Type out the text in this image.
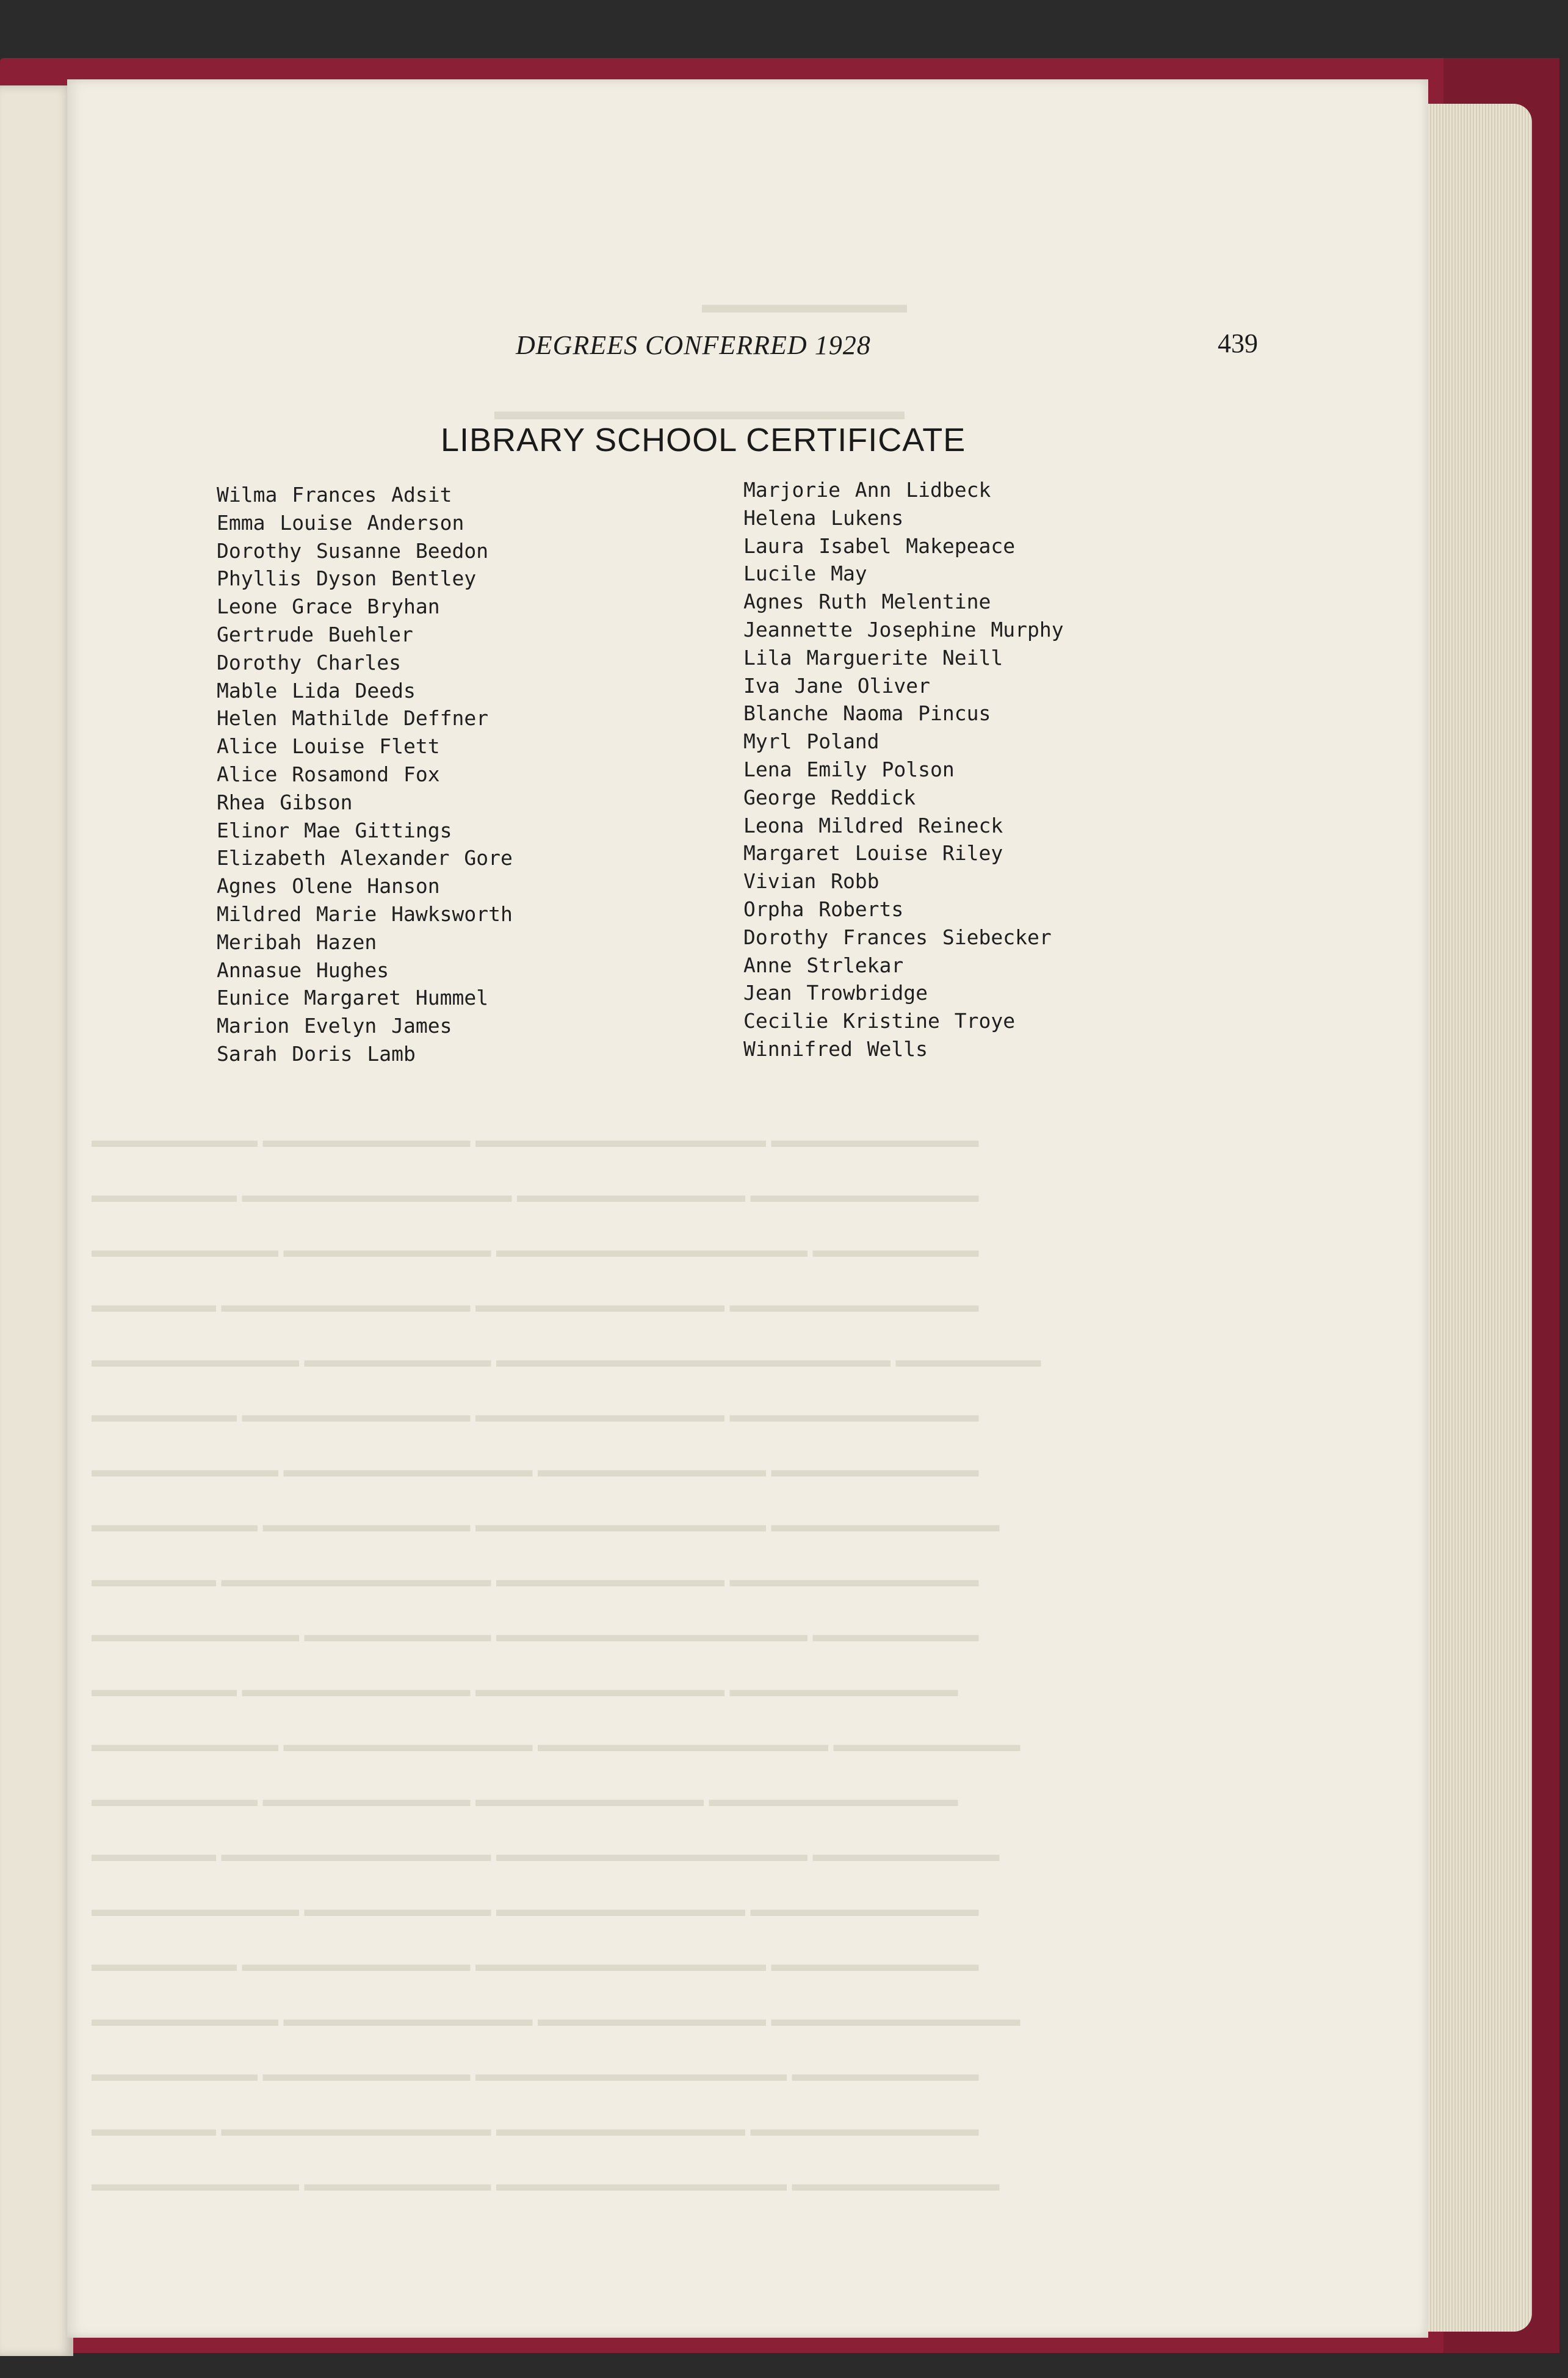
▬▬▬▬▬▬▬▬
▬▬▬▬▬▬▬▬▬▬▬▬▬▬▬▬
▬▬▬▬▬▬▬▬ ▬▬▬▬▬▬▬▬▬▬ ▬▬▬▬▬▬▬▬▬▬▬▬▬▬ ▬▬▬▬▬▬▬▬▬▬
▬▬▬▬▬▬▬ ▬▬▬▬▬▬▬▬▬▬▬▬▬ ▬▬▬▬▬▬▬▬▬▬▬ ▬▬▬▬▬▬▬▬▬▬▬
▬▬▬▬▬▬▬▬▬ ▬▬▬▬▬▬▬▬▬▬ ▬▬▬▬▬▬▬▬▬▬▬▬▬▬▬ ▬▬▬▬▬▬▬▬
▬▬▬▬▬▬ ▬▬▬▬▬▬▬▬▬▬▬▬ ▬▬▬▬▬▬▬▬▬▬▬▬ ▬▬▬▬▬▬▬▬▬▬▬▬
▬▬▬▬▬▬▬▬▬▬ ▬▬▬▬▬▬▬▬▬ ▬▬▬▬▬▬▬▬▬▬▬▬▬▬▬▬▬▬▬ ▬▬▬▬▬▬▬
▬▬▬▬▬▬▬ ▬▬▬▬▬▬▬▬▬▬▬ ▬▬▬▬▬▬▬▬▬▬▬▬ ▬▬▬▬▬▬▬▬▬▬▬▬
▬▬▬▬▬▬▬▬▬ ▬▬▬▬▬▬▬▬▬▬▬▬ ▬▬▬▬▬▬▬▬▬▬▬ ▬▬▬▬▬▬▬▬▬▬
▬▬▬▬▬▬▬▬ ▬▬▬▬▬▬▬▬▬▬ ▬▬▬▬▬▬▬▬▬▬▬▬▬▬ ▬▬▬▬▬▬▬▬▬▬▬
▬▬▬▬▬▬ ▬▬▬▬▬▬▬▬▬▬▬▬▬ ▬▬▬▬▬▬▬▬▬▬▬ ▬▬▬▬▬▬▬▬▬▬▬▬
▬▬▬▬▬▬▬▬▬▬ ▬▬▬▬▬▬▬▬▬ ▬▬▬▬▬▬▬▬▬▬▬▬▬▬▬ ▬▬▬▬▬▬▬▬
▬▬▬▬▬▬▬ ▬▬▬▬▬▬▬▬▬▬▬ ▬▬▬▬▬▬▬▬▬▬▬▬ ▬▬▬▬▬▬▬▬▬▬▬
▬▬▬▬▬▬▬▬▬ ▬▬▬▬▬▬▬▬▬▬▬▬ ▬▬▬▬▬▬▬▬▬▬▬▬▬▬ ▬▬▬▬▬▬▬▬▬
▬▬▬▬▬▬▬▬ ▬▬▬▬▬▬▬▬▬▬ ▬▬▬▬▬▬▬▬▬▬▬ ▬▬▬▬▬▬▬▬▬▬▬▬
▬▬▬▬▬▬ ▬▬▬▬▬▬▬▬▬▬▬▬▬ ▬▬▬▬▬▬▬▬▬▬▬▬▬▬▬ ▬▬▬▬▬▬▬▬▬
▬▬▬▬▬▬▬▬▬▬ ▬▬▬▬▬▬▬▬▬ ▬▬▬▬▬▬▬▬▬▬▬▬ ▬▬▬▬▬▬▬▬▬▬▬
▬▬▬▬▬▬▬ ▬▬▬▬▬▬▬▬▬▬▬ ▬▬▬▬▬▬▬▬▬▬▬▬▬▬ ▬▬▬▬▬▬▬▬▬▬
▬▬▬▬▬▬▬▬▬ ▬▬▬▬▬▬▬▬▬▬▬▬ ▬▬▬▬▬▬▬▬▬▬▬ ▬▬▬▬▬▬▬▬▬▬▬▬
▬▬▬▬▬▬▬▬ ▬▬▬▬▬▬▬▬▬▬ ▬▬▬▬▬▬▬▬▬▬▬▬▬▬▬ ▬▬▬▬▬▬▬▬▬
▬▬▬▬▬▬ ▬▬▬▬▬▬▬▬▬▬▬▬▬ ▬▬▬▬▬▬▬▬▬▬▬▬ ▬▬▬▬▬▬▬▬▬▬▬
▬▬▬▬▬▬▬▬▬▬ ▬▬▬▬▬▬▬▬▬ ▬▬▬▬▬▬▬▬▬▬▬▬▬▬ ▬▬▬▬▬▬▬▬▬▬
DEGREES CONFERRED 1928	439
LIBRARY SCHOOL CERTIFICATE
Wilma Frances Adsit
Emma Louise Anderson
Dorothy Susanne Beedon
Phyllis Dyson Bentley
Leone Grace Bryhan
Gertrude Buehler
Dorothy Charles
Mable Lida Deeds
Helen Mathilde Deffner
Alice Louise Flett
Alice Rosamond Fox
Rhea Gibson
Elinor Mae Gittings
Elizabeth Alexander Gore
Agnes Olene Hanson
Mildred Marie Hawksworth
Meribah Hazen
Annasue Hughes
Eunice Margaret Hummel
Marion Evelyn James
Sarah Doris Lamb
Marjorie Ann Lidbeck
Helena Lukens
Laura Isabel Makepeace
Lucile May
Agnes Ruth Melentine
Jeannette Josephine Murphy
Lila Marguerite Neill
Iva Jane Oliver
Blanche Naoma Pincus
Myrl Poland
Lena Emily Polson
George Reddick
Leona Mildred Reineck
Margaret Louise Riley
Vivian Robb
Orpha Roberts
Dorothy Frances Siebecker
Anne Strlekar
Jean Trowbridge
Cecilie Kristine Troye
Winnifred Wells
